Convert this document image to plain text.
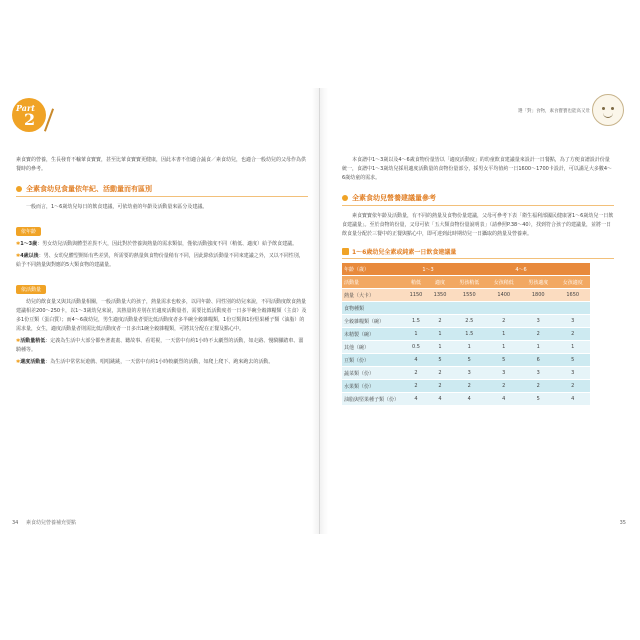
Part
2

素食寶的營養，生長發育不輸葷食寶寶，甚至比葷食寶寶更健康，因此本書不但適合蔬食／素食幼兒，也適合一般幼兒的父母作為供餐時的參考。

全素食幼兒食量依年紀、活動量而有區別

一般而言，1～6歲幼兒每日的飲食建議，可依幼童的年齡及活動量來區分及建議。

依年齡

✱1～3歲：男女幼兒活動與體型差異不大，因此對於營養與熱量的需求類似，僅依活動強度不同（稍低、適度）給予飲食建議。

✱4歲以後：男、女幼兒體型開始有些差異，所需要的熱量與食物份量稍有不同，因此除依活動量不同來建議之外，又以不同性別，給予不同熱量與對應的5大類食物的建議量。

依活動量

幼兒的飲食量又與其活動量相關，一般活動量大的孩子，熱量需求也較多，以同年齡、同性別的幼兒來說，不同活動度飲食熱量建議相差200～250卡，以1～3歲幼兒來說，其熱量的差別在於適度活動量者，需要比低活動度者一日多半碗全穀雜糧類（主食）及多1份豆類（蛋白質）；而4～6歲幼兒，男生適度活動量者要比低活動度者多半碗全穀雜糧類，1份豆類與1份堅果種子類（油脂）的需求量，女生，適度活動量者則需比低活動度者一日多出1碗全穀雜糧類，可將其分配在正餐及點心中。

✱活動量稍低：定義為生活中大部分都坐著畫畫、聽故事、看電視，一天當中有約1小時不太劇烈的活動，如走路、慢騎腳踏車、溜騎種等。

✱適度活動量：為生活中常常玩遊戲、唱唱跳跳，一天當中有約1小時較劇烈的活動，如爬上爬下、跑來跑去的活動。

34 素食幼兒營養補充要點
選「對」食物，素食寶寶也能高又壯

本食譜中1～3歲以及4～6歲食物份量皆以「適度活動度」的幼童飲食建議量來設計一日餐點，為了方便食譜設計份量統一，食譜中1～3歲幼兒採用適度活動量的食物份量部分，採男女平均值約一日1600～1700卡設計，可以滿足大多數4～6歲幼童的需求。

全素食幼兒營養建議量參考

素食寶寶依年齡及活動量，有不同的熱量及食物份量建議，父母可參考下表「衛生福利部國民健康署1～6歲幼兒一日飲食建議量」。至於食物的份量，父母可依「五大類食物份量說明表」（請參照P.38～40），找到符合孩子的建議量，並將一日飲食量分配於三餐中的正餐與點心中，即可達到此時期幼兒一日攝取的熱量及營養素。

1～6歲幼兒全素或純素一日飲食建議量
年齡（歲）	1～3		4～6			
活動量	稍低	適度	男孩稍低	女孩稍低	男孩適度	女孩適度
熱量（大卡）	1150	1350	1550	1400	1800	1650
食物種類						
全穀雜糧類（碗）	1.5	2	2.5	2	3	3
未精製（碗）	1	1	1.5	1	2	2
其他（碗）	0.5	1	1	1	1	1
豆類（份）	4	5	5	5	6	5
蔬菜類（份）	2	2	3	3	3	3
水果類（份）	2	2	2	2	2	2
油脂與堅果種子類（份）	4	4	4	4	5	4
35
